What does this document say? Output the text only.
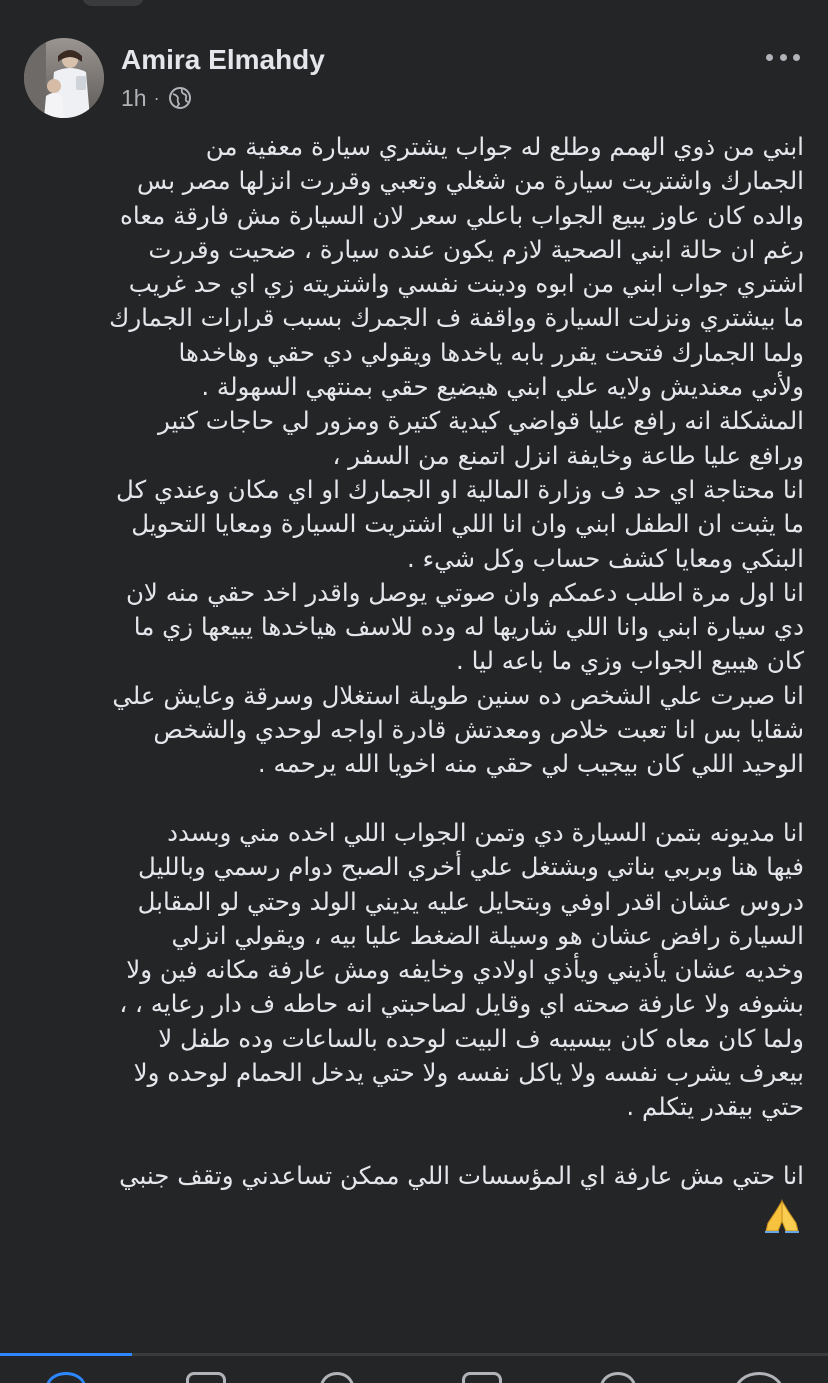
Amira Elmahdy
1h ·
ابني من ذوي الهمم وطلع له جواب يشتري سيارة معفية من
الجمارك واشتريت سيارة من شغلي وتعبي وقررت انزلها مصر بس
والده كان عاوز يبيع الجواب باعلي سعر لان السيارة مش فارقة معاه
رغم ان حالة ابني الصحية لازم يكون عنده سيارة ، ضحيت وقررت
اشتري جواب ابني من ابوه ودينت نفسي واشتريته زي اي حد غريب
ما بيشتري ونزلت السيارة وواقفة ف الجمرك بسبب قرارات الجمارك
ولما الجمارك فتحت يقرر بابه ياخدها ويقولي دي حقي وهاخدها
ولأني معنديش ولايه علي ابني هيضيع حقي بمنتهي السهولة .
المشكلة انه رافع عليا قواضي كيدية كتيرة ومزور لي حاجات كتير
ورافع عليا طاعة وخايفة انزل اتمنع من السفر ،
انا محتاجة اي حد ف وزارة المالية او الجمارك او اي مكان وعندي كل
ما يثبت ان الطفل ابني وان انا اللي اشتريت السيارة ومعايا التحويل
البنكي ومعايا كشف حساب وكل شيء .
انا اول مرة اطلب دعمكم وان صوتي يوصل واقدر اخد حقي منه لان
دي سيارة ابني وانا اللي شاريها له وده للاسف هياخدها يبيعها زي ما
كان هيبيع الجواب وزي ما باعه ليا .
انا صبرت علي الشخص ده سنين طويلة استغلال وسرقة وعايش علي
شقايا بس انا تعبت خلاص ومعدتش قادرة اواجه لوحدي والشخص
الوحيد اللي كان بيجيب لي حقي منه اخويا الله يرحمه .
انا مديونه بتمن السيارة دي وتمن الجواب اللي اخده مني وبسدد
فيها هنا وبربي بناتي وبشتغل علي أخري الصبح دوام رسمي وبالليل
دروس عشان اقدر اوفي وبتحايل عليه يديني الولد وحتي لو المقابل
السيارة رافض عشان هو وسيلة الضغط عليا بيه ، ويقولي انزلي
وخديه عشان يأذيني ويأذي اولادي وخايفه ومش عارفة مكانه فين ولا
بشوفه ولا عارفة صحته اي وقايل لصاحبتي انه حاطه ف دار رعايه ، ،
ولما كان معاه كان بيسيبه ف البيت لوحده بالساعات وده طفل لا
بيعرف يشرب نفسه ولا ياكل نفسه ولا حتي يدخل الحمام لوحده ولا
حتي بيقدر يتكلم .
انا حتي مش عارفة اي المؤسسات اللي ممكن تساعدني وتقف جنبي
